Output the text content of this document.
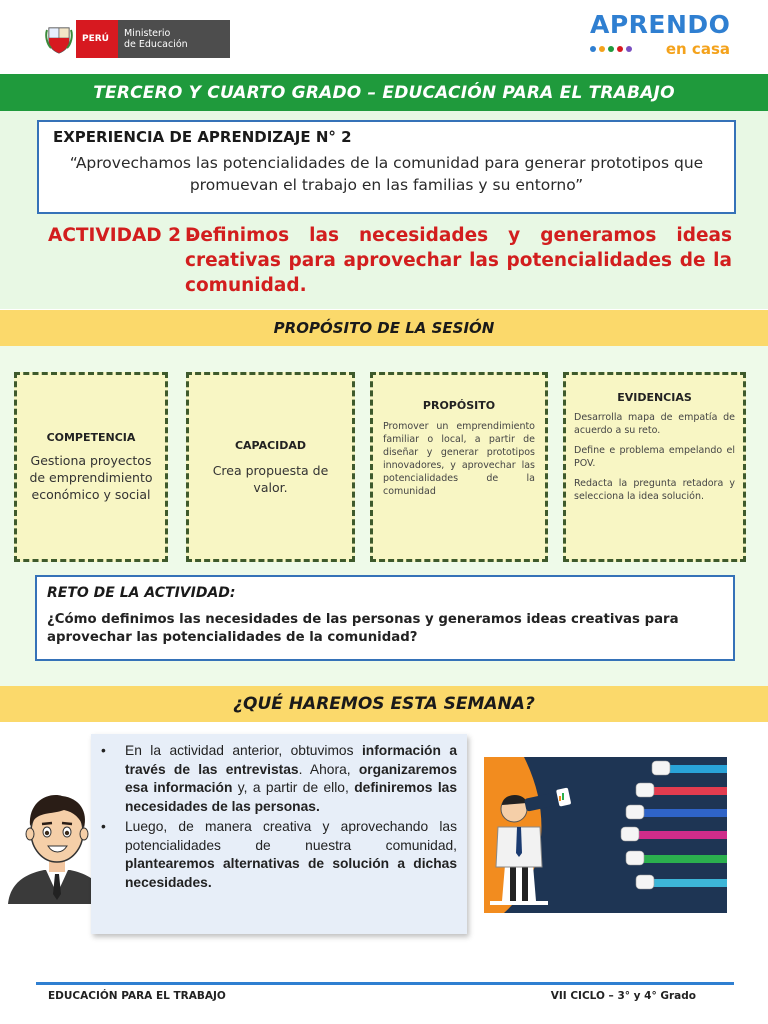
PERÚ	Ministerio
de Educación
APRENDO
en casa
TERCERO Y CUARTO GRADO – EDUCACIÓN PARA EL TRABAJO
EXPERIENCIA DE APRENDIZAJE N° 2
“Aprovechamos las potencialidades de la comunidad para generar prototipos que promuevan el trabajo en las familias y su entorno”
ACTIVIDAD 2 -
Definimos las necesidades y generamos ideas creativas para aprovechar las potencialidades de la comunidad.
PROPÓSITO DE LA SESIÓN
COMPETENCIA
Gestiona proyectos de emprendimiento económico y social
CAPACIDAD
Crea propuesta de valor.
PROPÓSITO
Promover un emprendimiento familiar o local, a partir de diseñar y generar prototipos innovadores, y aprovechar las potencialidades de la comunidad
EVIDENCIAS

Desarrolla mapa de empatía de acuerdo a su reto.

Define e problema empelando el POV.

Redacta la pregunta retadora y selecciona la idea solución.

RETO DE LA ACTIVIDAD:
¿Cómo definimos las necesidades de las personas y generamos ideas creativas para aprovechar las potencialidades de la comunidad?
¿QUÉ HAREMOS ESTA SEMANA?
• En la actividad anterior, obtuvimos información a través de las entrevistas. Ahora, organizaremos esa información y, a partir de ello, definiremos las necesidades de las personas.
• Luego, de manera creativa y aprovechando las potencialidades de nuestra comunidad, plantearemos alternativas de solución a dichas necesidades.
EDUCACIÓN PARA EL TRABAJO	VII CICLO – 3° y 4° Grado
